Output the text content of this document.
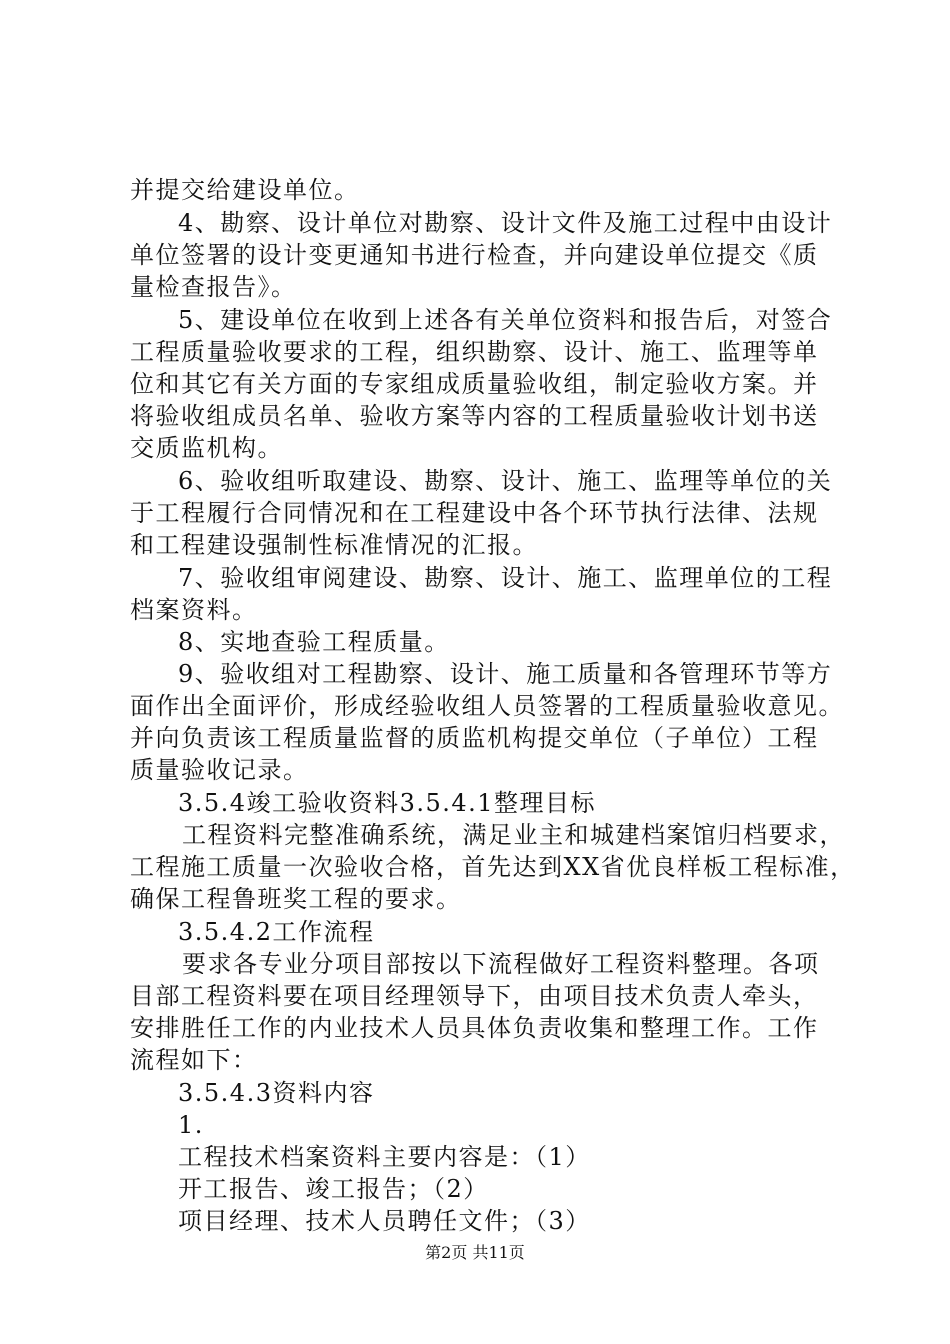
并提交给建设单位。

4、勘察、设计单位对勘察、设计文件及施工过程中由设计

单位签署的设计变更通知书进行检查，并向建设单位提交《质

量检查报告》。

5、建设单位在收到上述各有关单位资料和报告后，对签合

工程质量验收要求的工程，组织勘察、设计、施工、监理等单

位和其它有关方面的专家组成质量验收组，制定验收方案。并

将验收组成员名单、验收方案等内容的工程质量验收计划书送

交质监机构。

6、验收组听取建设、勘察、设计、施工、监理等单位的关

于工程履行合同情况和在工程建设中各个环节执行法律、法规

和工程建设强制性标准情况的汇报。

7、验收组审阅建设、勘察、设计、施工、监理单位的工程

档案资料。

8、实地查验工程质量。

9、验收组对工程勘察、设计、施工质量和各管理环节等方

面作出全面评价，形成经验收组人员签署的工程质量验收意见。

并向负责该工程质量监督的质监机构提交单位（子单位）工程

质量验收记录。

3.5.4竣工验收资料3.5.4.1整理目标

工程资料完整准确系统，满足业主和城建档案馆归档要求，

工程施工质量一次验收合格，首先达到XX省优良样板工程标准，

确保工程鲁班奖工程的要求。

3.5.4.2工作流程

要求各专业分项目部按以下流程做好工程资料整理。各项

目部工程资料要在项目经理领导下，由项目技术负责人牵头，

安排胜任工作的内业技术人员具体负责收集和整理工作。工作

流程如下：

3.5.4.3资料内容

1.

工程技术档案资料主要内容是：（1）

开工报告、竣工报告；（2）

项目经理、技术人员聘任文件；（3）

第2页 共11页
